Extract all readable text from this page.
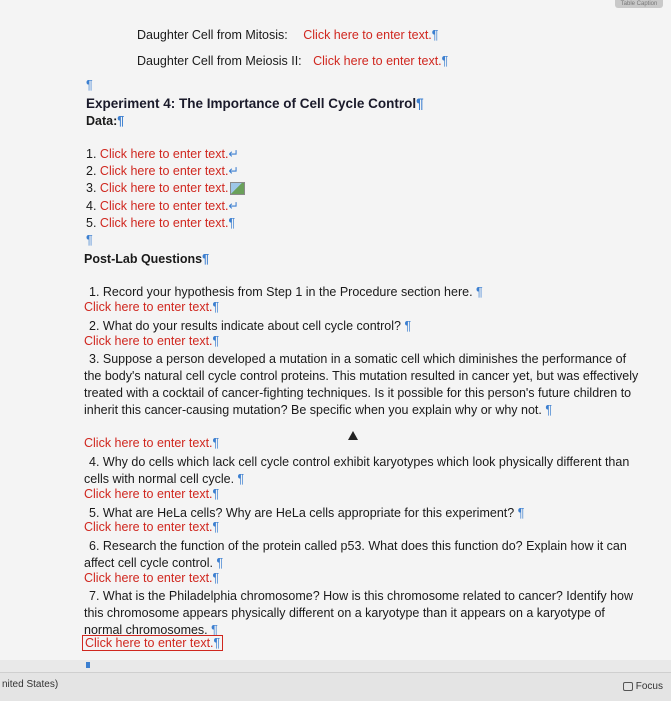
Table Caption
Daughter Cell from Mitosis: Click here to enter text.¶
Daughter Cell from Meiosis II: Click here to enter text.¶
¶
Experiment 4: The Importance of Cell Cycle Control¶
Data:¶
1. Click here to enter text.↵
2. Click here to enter text.↵
3. Click here to enter text.
4. Click here to enter text.↵
5. Click here to enter text.¶
¶
Post-Lab Questions¶
1. Record your hypothesis from Step 1 in the Procedure section here. ¶
Click here to enter text.¶
2. What do your results indicate about cell cycle control? ¶
Click here to enter text.¶
3. Suppose a person developed a mutation in a somatic cell which diminishes the performance of the body's natural cell cycle control proteins. This mutation resulted in cancer yet, but was effectively treated with a cocktail of cancer-fighting techniques. Is it possible for this person's future children to inherit this cancer-causing mutation? Be specific when you explain why or why not. ¶
Click here to enter text.¶
4. Why do cells which lack cell cycle control exhibit karyotypes which look physically different than cells with normal cell cycle. ¶
Click here to enter text.¶
5. What are HeLa cells? Why are HeLa cells appropriate for this experiment? ¶
Click here to enter text.¶
6. Research the function of the protein called p53. What does this function do? Explain how it can affect cell cycle control. ¶
Click here to enter text.¶
7. What is the Philadelphia chromosome? How is this chromosome related to cancer? Identify how this chromosome appears physically different on a karyotype than it appears on a karyotype of normal chromosomes. ¶
Click here to enter text.¶
nited States)	Focus
